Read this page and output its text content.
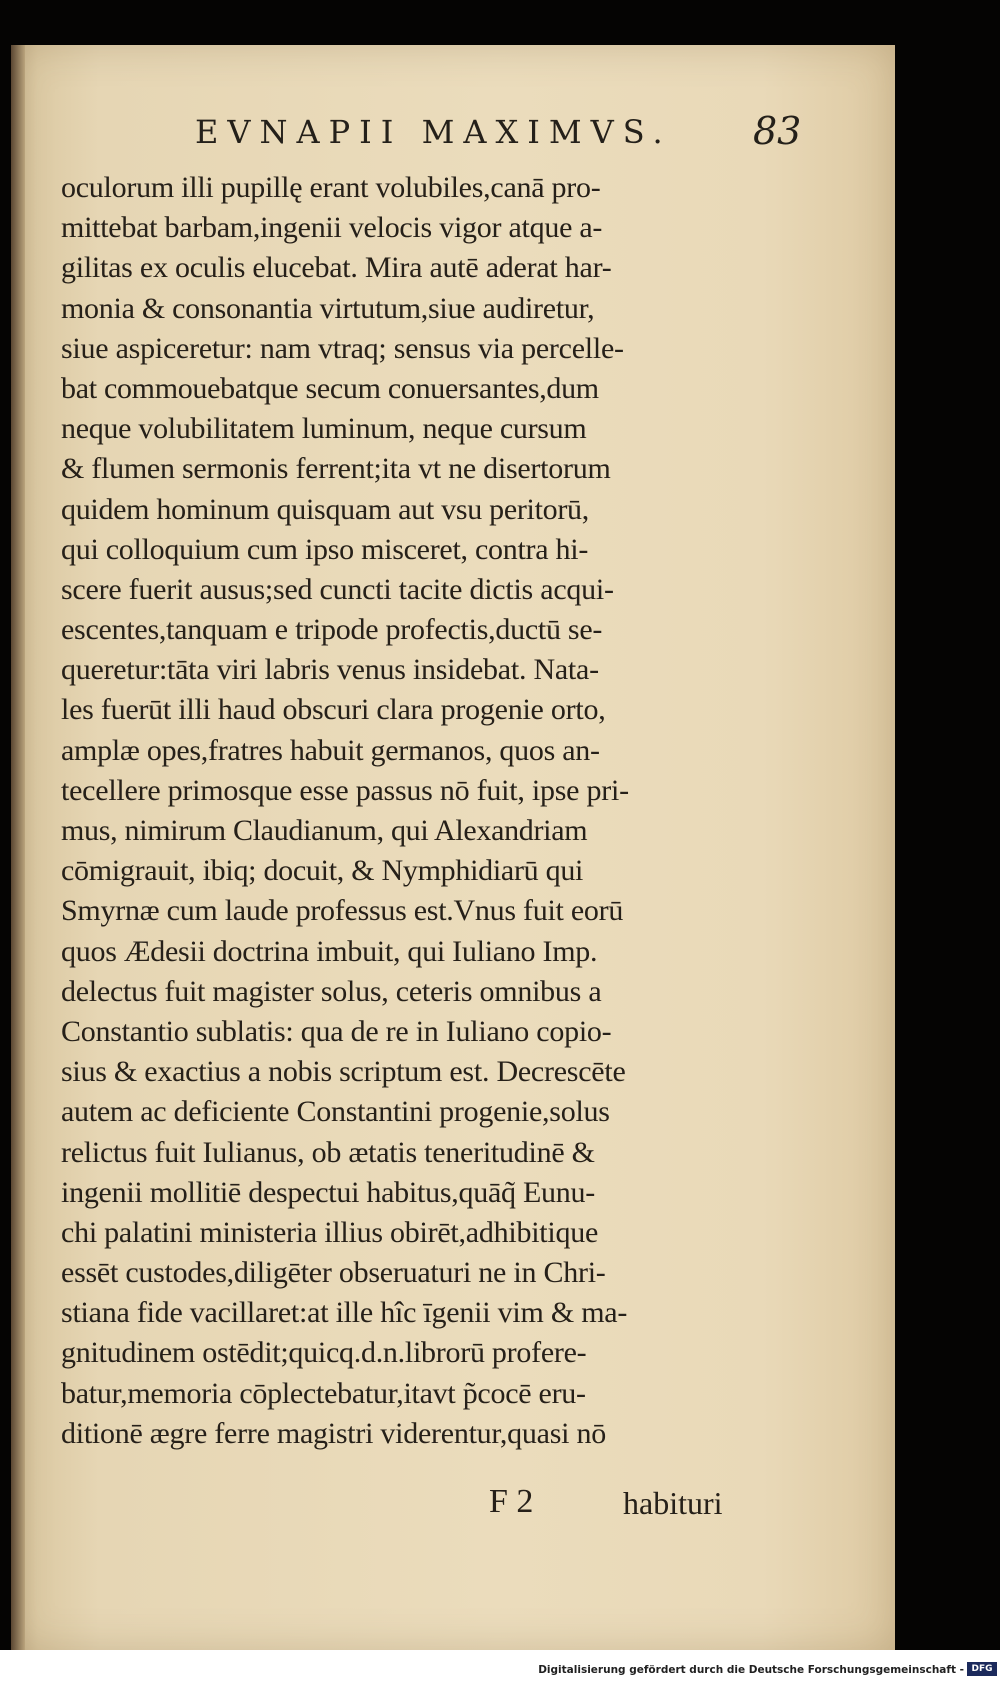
EVNAPII MAXIMVS.	83
oculorum illi pupillę erant volubiles,canā pro-
mittebat barbam,ingenii velocis vigor atque a-
gilitas ex oculis elucebat. Mira autē aderat har-
monia & consonantia virtutum,siue audiretur,
siue aspiceretur: nam vtraq; sensus via percelle-
bat commouebatque secum conuersantes,dum
neque volubilitatem luminum, neque cursum
& flumen sermonis ferrent;ita vt ne disertorum
quidem hominum quisquam aut vsu peritorū,
qui colloquium cum ipso misceret, contra hi-
scere fuerit ausus;sed cuncti tacite dictis acqui-
escentes,tanquam e tripode profectis,ductū se-
queretur:tāta viri labris venus insidebat. Nata-
les fuerūt illi haud obscuri clara progenie orto,
amplæ opes,fratres habuit germanos, quos an-
tecellere primosque esse passus nō fuit, ipse pri-
mus, nimirum Claudianum, qui Alexandriam
cōmigrauit, ibiq; docuit, & Nymphidiarū qui
Smyrnæ cum laude professus est.Vnus fuit eorū
quos Ædesii doctrina imbuit, qui Iuliano Imp.
delectus fuit magister solus, ceteris omnibus a
Constantio sublatis: qua de re in Iuliano copio-
sius & exactius a nobis scriptum est. Decrescēte
autem ac deficiente Constantini progenie,solus
relictus fuit Iulianus, ob ætatis teneritudinē &
ingenii mollitiē despectui habitus,quāq̃ Eunu-
chi palatini ministeria illius obirēt,adhibitique
essēt custodes,diligēter obseruaturi ne in Chri-
stiana fide vacillaret:at ille hîc īgenii vim & ma-
gnitudinem ostēdit;quicq.d.n.librorū profere-
batur,memoria cōplectebatur,itavt p̃cocē eru-
ditionē ægre ferre magistri viderentur,quasi nō
F 2	habituri
Digitalisierung gefördert durch die Deutsche Forschungsgemeinschaft - DFG
